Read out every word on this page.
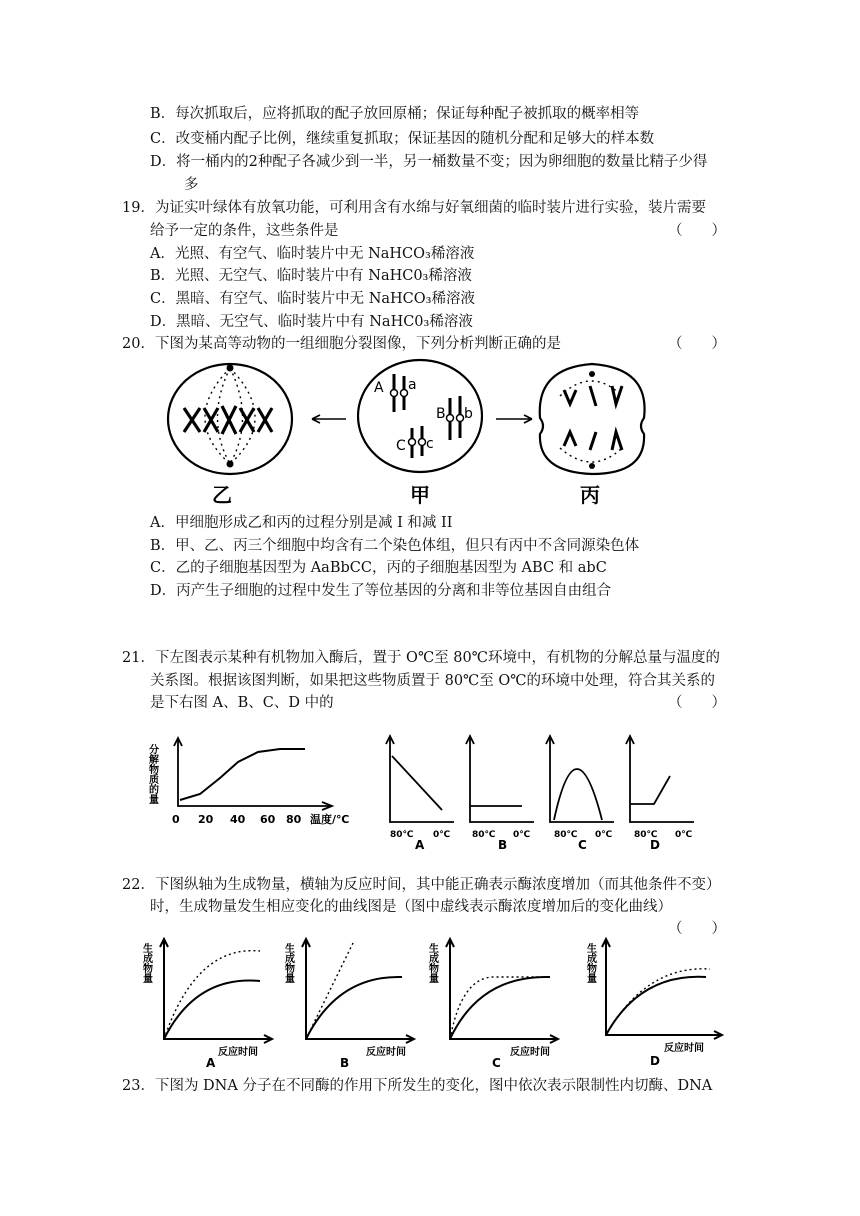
B．每次抓取后，应将抓取的配子放回原桶；保证每种配子被抓取的概率相等
C．改变桶内配子比例，继续重复抓取；保证基因的随机分配和足够大的样本数
D．将一桶内的2种配子各减少到一半，另一桶数量不变；因为卵细胞的数量比精子少得
多
19．为证实叶绿体有放氧功能，可利用含有水绵与好氧细菌的临时装片进行实验，装片需要
给予一定的条件，这些条件是	（　　）
A．光照、有空气、临时装片中无 NaHCO₃稀溶液
B．光照、无空气、临时装片中有 NaHC0₃稀溶液
C．黑暗、有空气、临时装片中无 NaHCO₃稀溶液
D．黑暗、无空气、临时装片中有 NaHC0₃稀溶液
20．下图为某高等动物的一组细胞分裂图像，下列分析判断正确的是	（　　）
A a
B b
C c
乙	甲	丙
A．甲细胞形成乙和丙的过程分别是减 I 和减 II
B．甲、乙、丙三个细胞中均含有二个染色体组，但只有丙中不含同源染色体
C．乙的子细胞基因型为 AaBbCC，丙的子细胞基因型为 ABC 和 abC
D．丙产生子细胞的过程中发生了等位基因的分离和非等位基因自由组合
21．下左图表示某种有机物加入酶后，置于 O℃至 80℃环境中，有机物的分解总量与温度的
关系图。根据该图判断，如果把这些物质置于 80℃至 O℃的环境中处理，符合其关系的
是下右图 A、B、C、D 中的	（　　）
分解物质的量
0 20 40 60 80 温度/℃
80℃ 0℃
A
80℃ 0℃
B
80℃ 0℃
C
80℃ 0℃
D
22．下图纵轴为生成物量，横轴为反应时间，其中能正确表示酶浓度增加（而其他条件不变）
时，生成物量发生相应变化的曲线图是（图中虚线表示酶浓度增加后的变化曲线）
（　　）
生成物量
反应时间
A
生成物量
反应时间
B
生成物量
反应时间
C
生成物量
反应时间
D
23．下图为 DNA 分子在不同酶的作用下所发生的变化，图中依次表示限制性内切酶、DNA
